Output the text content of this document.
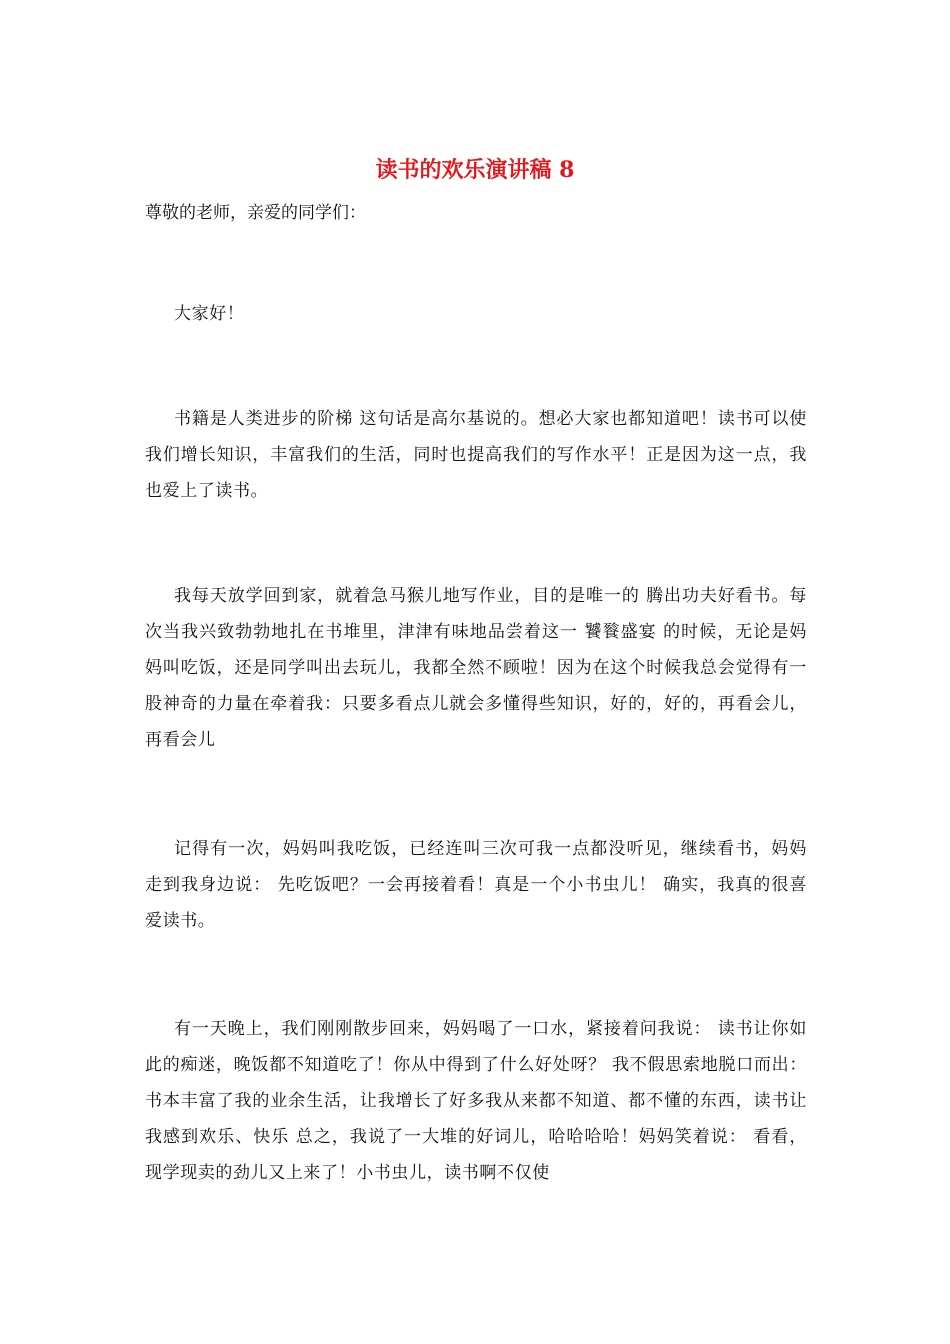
读书的欢乐演讲稿 8

尊敬的老师，亲爱的同学们：

大家好！

书籍是人类进步的阶梯 这句话是高尔基说的。想必大家也都知道吧！读书可以使我们增长知识，丰富我们的生活，同时也提高我们的写作水平！正是因为这一点，我也爱上了读书。

我每天放学回到家，就着急马猴儿地写作业，目的是唯一的 腾出功夫好看书。每次当我兴致勃勃地扎在书堆里，津津有味地品尝着这一 饕餮盛宴 的时候，无论是妈妈叫吃饭，还是同学叫出去玩儿，我都全然不顾啦！因为在这个时候我总会觉得有一股神奇的力量在牵着我：只要多看点儿就会多懂得些知识，好的，好的，再看会儿，再看会儿

记得有一次，妈妈叫我吃饭，已经连叫三次可我一点都没听见，继续看书，妈妈走到我身边说： 先吃饭吧？一会再接着看！真是一个小书虫儿！ 确实，我真的很喜爱读书。

有一天晚上，我们刚刚散步回来，妈妈喝了一口水，紧接着问我说： 读书让你如此的痴迷，晚饭都不知道吃了！你从中得到了什么好处呀？ 我不假思索地脱口而出： 书本丰富了我的业余生活，让我增长了好多我从来都不知道、都不懂的东西，读书让我感到欢乐、快乐 总之，我说了一大堆的好词儿，哈哈哈哈！妈妈笑着说： 看看，现学现卖的劲儿又上来了！小书虫儿，读书啊不仅使
